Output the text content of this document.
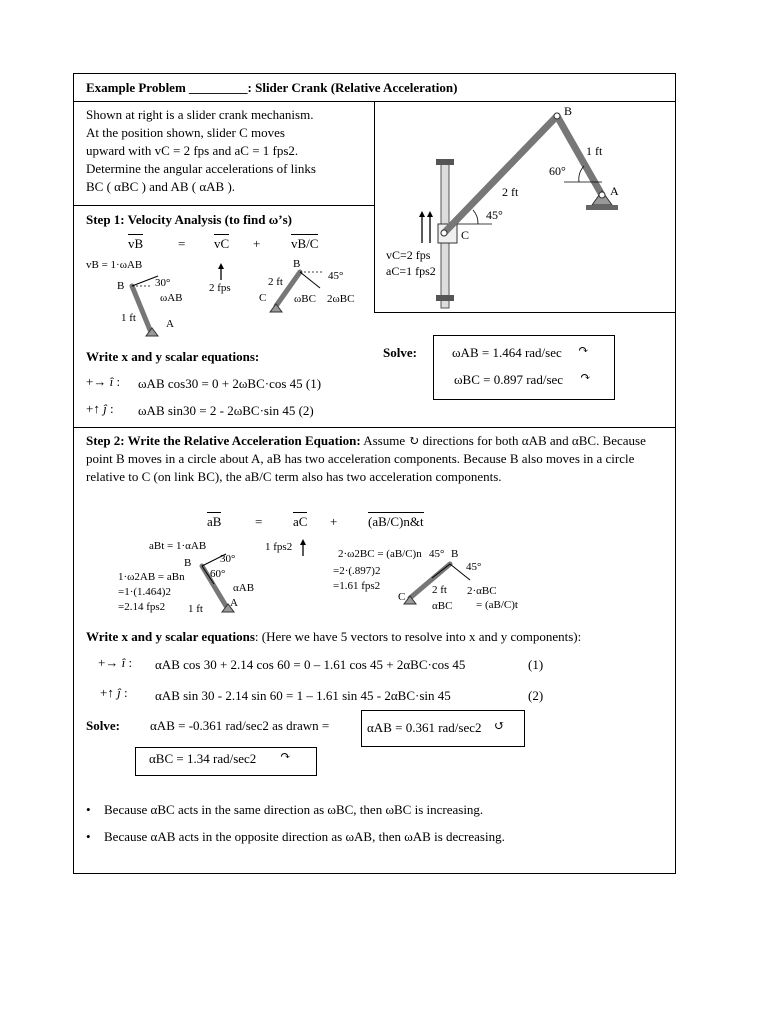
Example Problem _________: Slider Crank (Relative Acceleration)
Shown at right is a slider crank mechanism.
At the position shown, slider C moves
upward with vC = 2 fps and aC = 1 fps2.
Determine the angular accelerations of links
BC ( αBC ) and AB ( αAB ).
B
A
C
1 ft
2 ft
60°
45°
vC=2 fps
aC=1 fps2
Step 1: Velocity Analysis (to find ω’s)
vB	= vC + vB/C
vB = 1·ωAB
B	30°
ωAB
1 ft	A
2 fps
B
2 ft	45°
C	ωBC 2ωBC
Write x and y scalar equations:
+→ î : ωAB cos30 = 0 + 2ωBC·cos 45 (1)
+↑ ĵ : ωAB sin30 = 2 - 2ωBC·sin 45 (2)
Solve:	ωAB = 1.464 rad/sec ↷
ωBC = 0.897 rad/sec ↷
Step 2: Write the Relative Acceleration Equation: Assume ↻ directions for both αAB and αBC. Because point B moves in a circle about A, aB has two acceleration components. Because B also moves in a circle relative to C (on link BC), the aB/C term also has two acceleration components.
aB	= aC + (aB/C)n&t
aBt = 1·αAB
B	30°
60°
1·ω2AB = aBn
=1·(1.464)2
=2.14 fps2
αAB
1 ft A
1 fps2
2·ω2BC = (aB/C)n
=2·(.897)2
=1.61 fps2
45° B
45°
2 ft
C	2·αBC
= (aB/C)t
αBC
Write x and y scalar equations: (Here we have 5 vectors to resolve into x and y components):
+→ î : αAB cos 30 + 2.14 cos 60 = 0 – 1.61 cos 45 + 2αBC·cos 45	(1)
+↑ ĵ : αAB sin 30 - 2.14 sin 60 = 1 – 1.61 sin 45 - 2αBC·sin 45	(2)
Solve: αAB = -0.361 rad/sec2 as drawn =	αAB = 0.361 rad/sec2 ↺
αBC = 1.34 rad/sec2 ↷
• Because αBC acts in the same direction as ωBC, then ωBC is increasing.
• Because αAB acts in the opposite direction as ωAB, then ωAB is decreasing.
